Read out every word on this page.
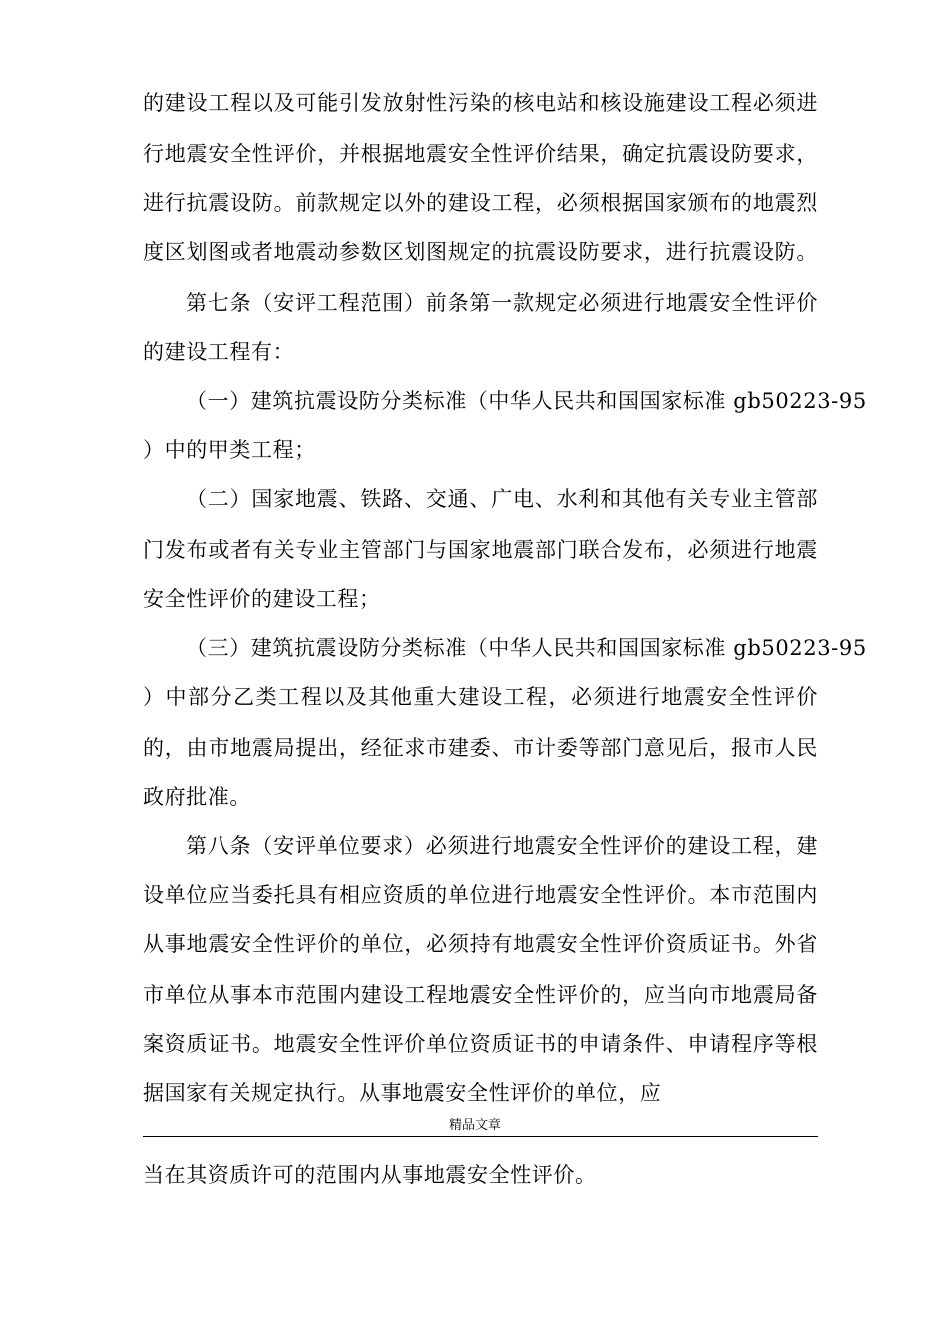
的建设工程以及可能引发放射性污染的核电站和核设施建设工程必须进
行地震安全性评价，并根据地震安全性评价结果，确定抗震设防要求，
进行抗震设防。前款规定以外的建设工程，必须根据国家颁布的地震烈
度区划图或者地震动参数区划图规定的抗震设防要求，进行抗震设防。
第七条（安评工程范围）前条第一款规定必须进行地震安全性评价
的建设工程有：
（一）建筑抗震设防分类标准（中华人民共和国国家标准 gb50223-95
）中的甲类工程；
（二）国家地震、铁路、交通、广电、水利和其他有关专业主管部
门发布或者有关专业主管部门与国家地震部门联合发布，必须进行地震
安全性评价的建设工程；
（三）建筑抗震设防分类标准（中华人民共和国国家标准 gb50223-95
）中部分乙类工程以及其他重大建设工程，必须进行地震安全性评价
的，由市地震局提出，经征求市建委、市计委等部门意见后，报市人民
政府批准。
第八条（安评单位要求）必须进行地震安全性评价的建设工程，建
设单位应当委托具有相应资质的单位进行地震安全性评价。本市范围内
从事地震安全性评价的单位，必须持有地震安全性评价资质证书。外省
市单位从事本市范围内建设工程地震安全性评价的，应当向市地震局备
案资质证书。地震安全性评价单位资质证书的申请条件、申请程序等根
据国家有关规定执行。从事地震安全性评价的单位，应
精品文章
当在其资质许可的范围内从事地震安全性评价。
